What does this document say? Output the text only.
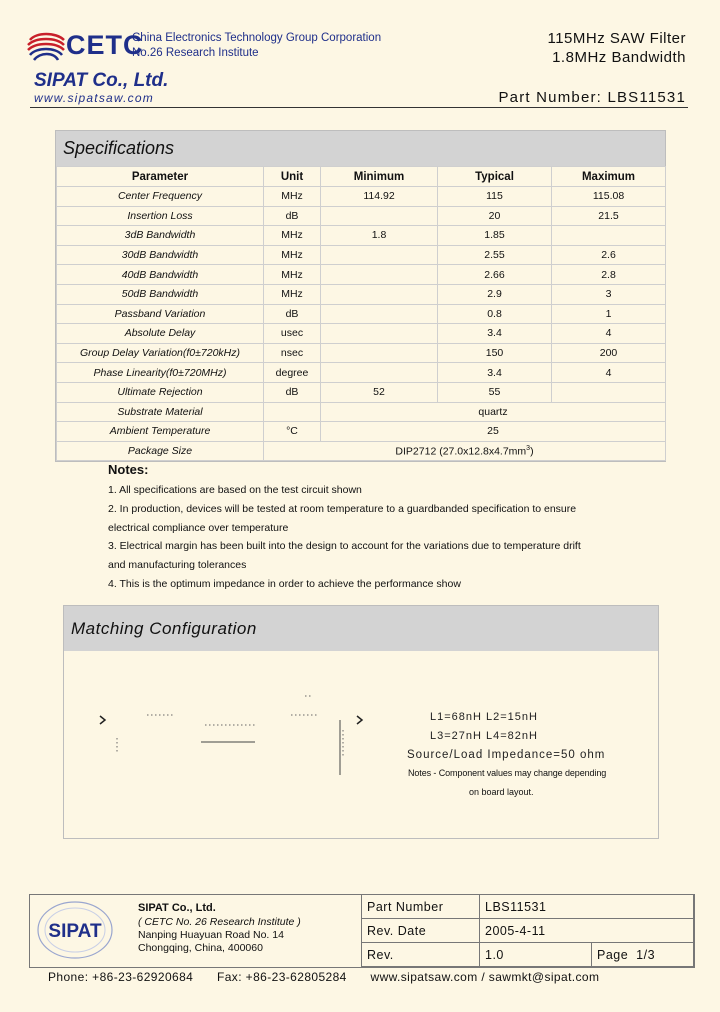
CETC
China Electronics Technology Group Corporation
No.26 Research Institute
SIPAT Co., Ltd.
www.sipatsaw.com
115MHz SAW Filter
1.8MHz Bandwidth
Part Number: LBS11531
Specifications
Parameter	Unit	Minimum	Typical	Maximum
Center Frequency	MHz	114.92	115	115.08
Insertion Loss	dB		20	21.5
3dB Bandwidth	MHz	1.8	1.85	
30dB Bandwidth	MHz		2.55	2.6
40dB Bandwidth	MHz		2.66	2.8
50dB Bandwidth	MHz		2.9	3
Passband Variation	dB		0.8	1
Absolute Delay	usec		3.4	4
Group Delay Variation(f0±720kHz)	nsec		150	200
Phase Linearity(f0±720MHz)	degree		3.4	4
Ultimate Rejection	dB	52	55	
Substrate Material		quartz		
Ambient Temperature	°C	25		
Package Size	DIP2712 $(27.0x12.8x4.7mm^3)$			
Notes:
1. All specifications are based on the test circuit shown
2. In production, devices will be tested at room temperature to a guardbanded specification to ensure
electrical compliance over temperature
3. Electrical margin has been built into the design to account for the variations due to temperature drift
and manufacturing tolerances
4. This is the optimum impedance in order to achieve the performance show
Matching Configuration
L1=68nH L2=15nH
L3=27nH L4=82nH
Source/Load Impedance=50 ohm
Notes - Component values may change depending
on board layout.
SIPAT
SIPAT Co., Ltd.
( CETC No. 26 Research Institute )
Nanping Huayuan Road No. 14
Chongqing, China, 400060
Part Number	LBS11531	
Rev. Date	2005-4-11	
Rev.	1.0	Page 1/3
Phone: +86-23-62920684 Fax: +86-23-62805284 www.sipatsaw.com / sawmkt@sipat.com
